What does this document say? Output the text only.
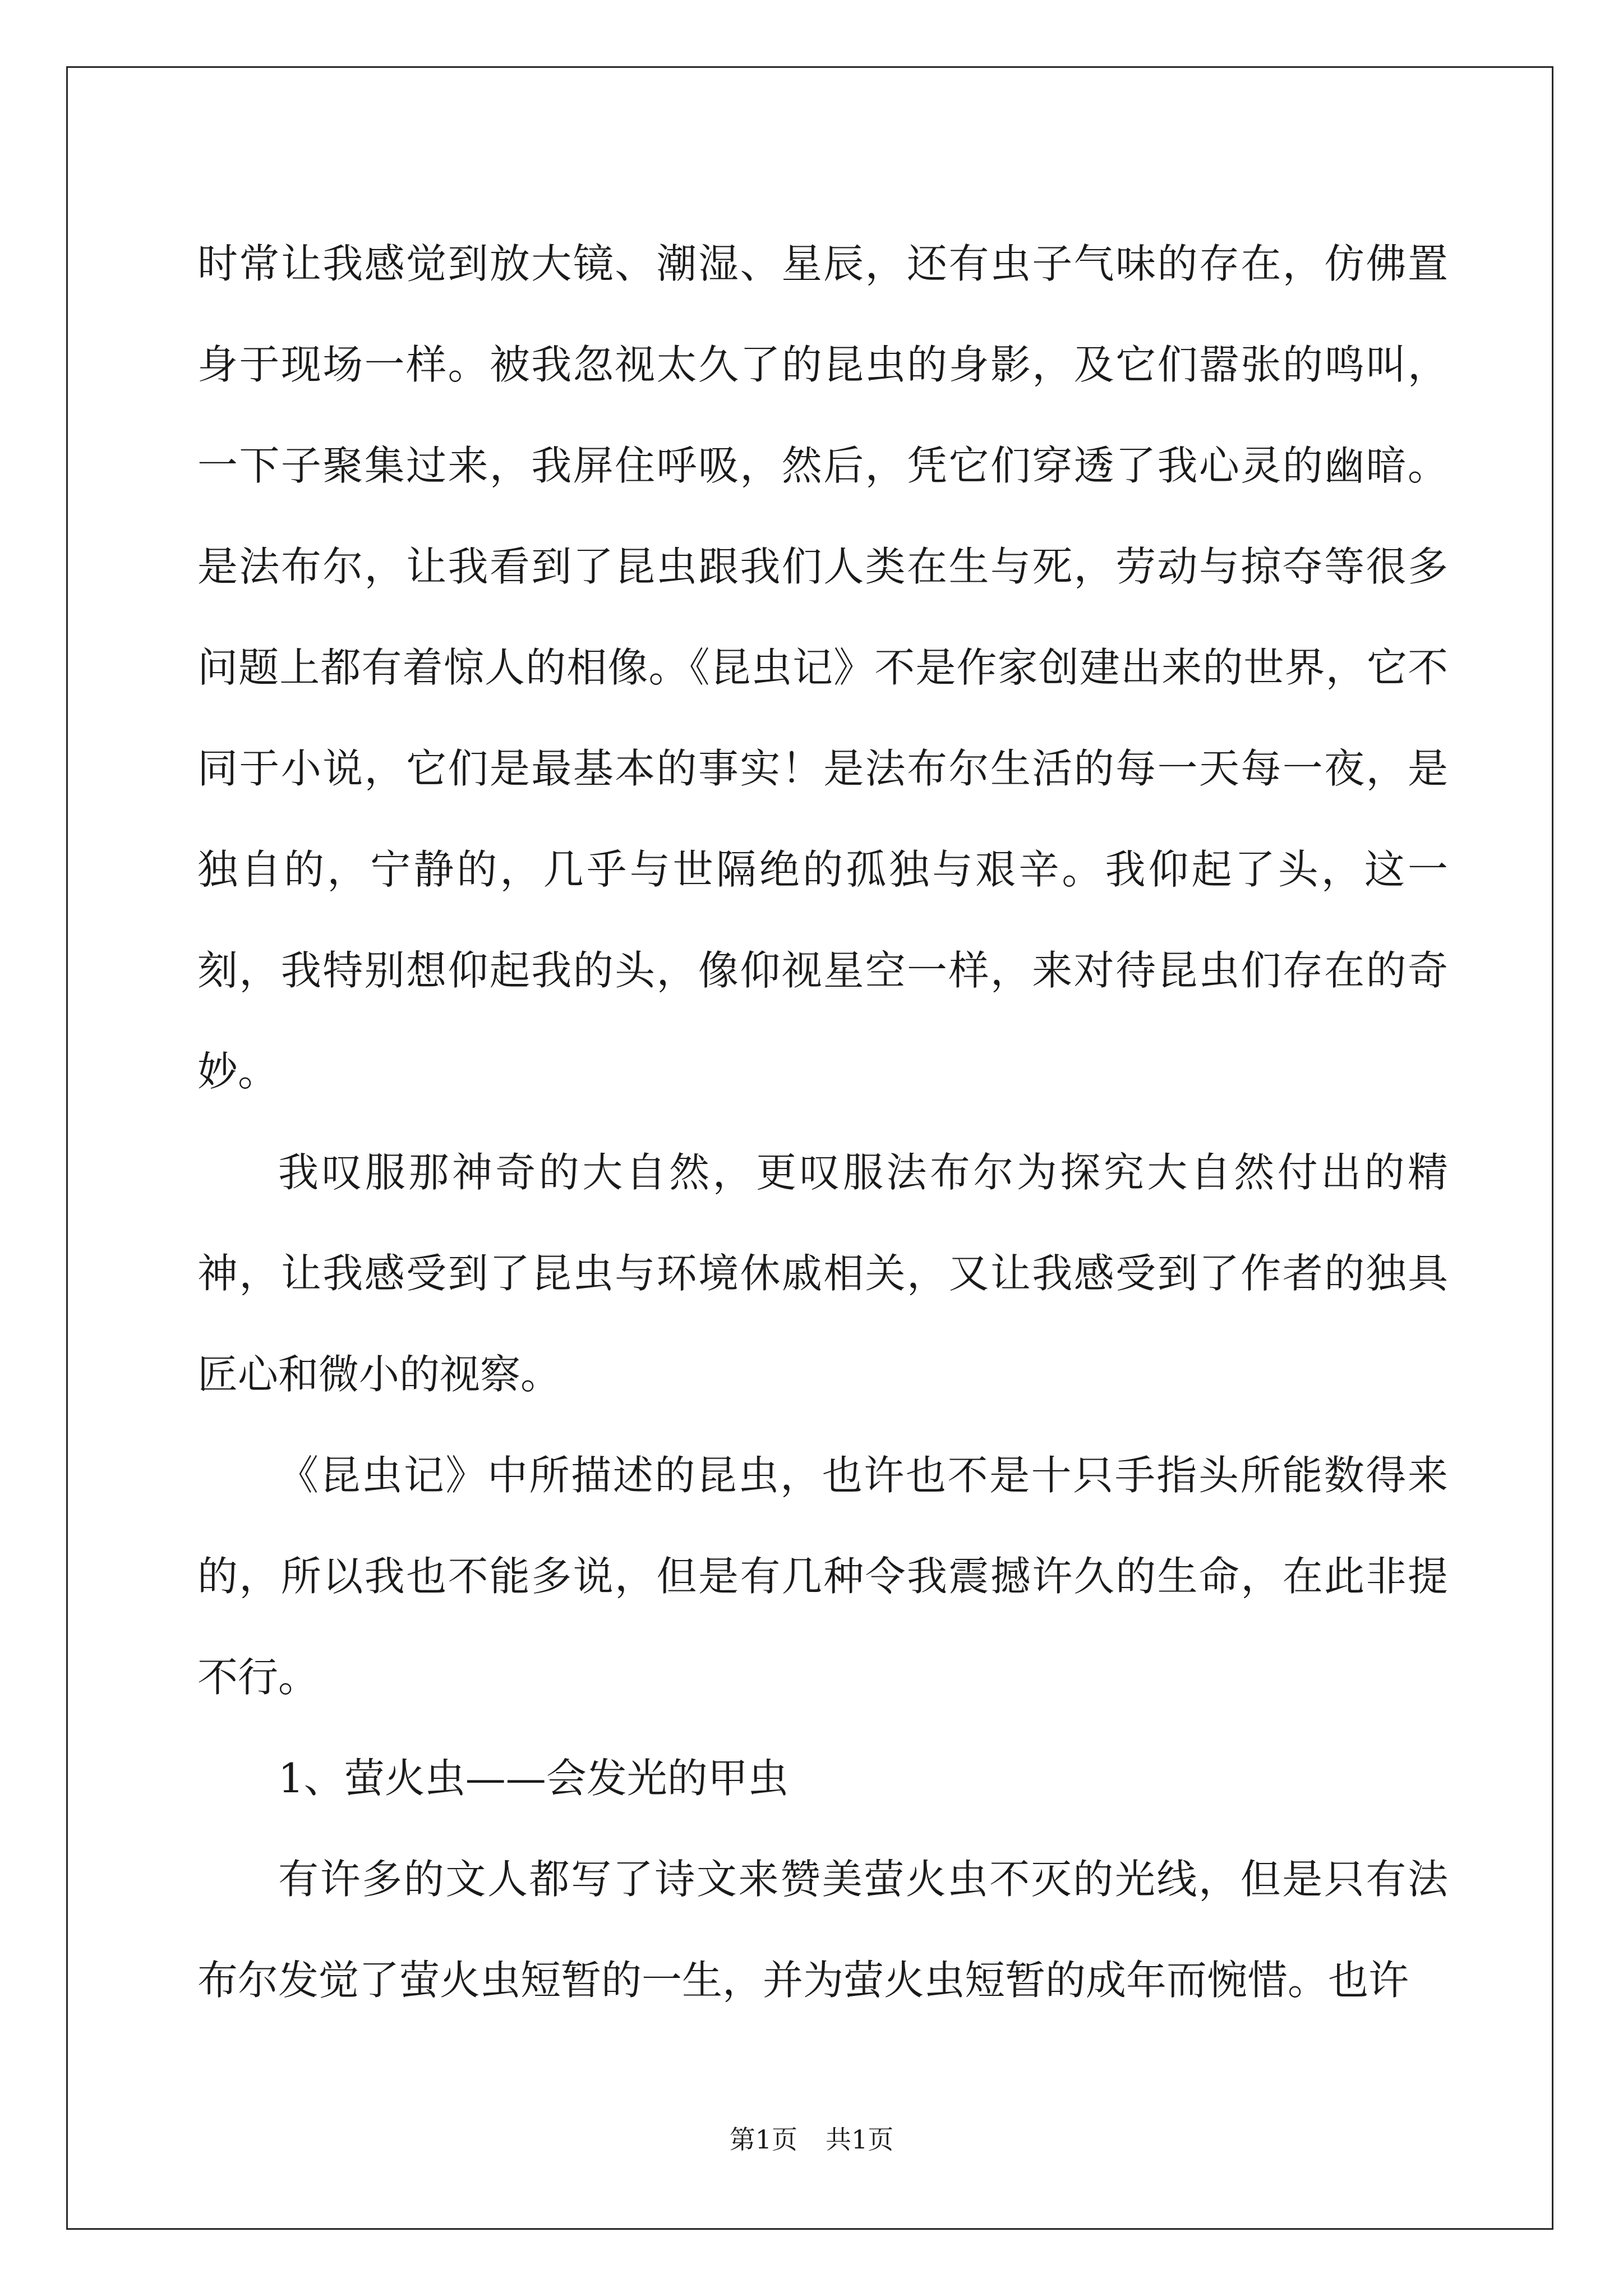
时常让我感觉到放大镜、潮湿、星辰，还有虫子气味的存在，仿佛置身于现场一样。被我忽视太久了的昆虫的身影，及它们嚣张的鸣叫，一下子聚集过来，我屏住呼吸，然后，凭它们穿透了我心灵的幽暗。是法布尔，让我看到了昆虫跟我们人类在生与死，劳动与掠夺等很多问题上都有着惊人的相像。《昆虫记》不是作家创建出来的世界，它不同于小说，它们是最基本的事实！是法布尔生活的每一天每一夜，是独自的，宁静的，几乎与世隔绝的孤独与艰辛。我仰起了头，这一刻，我特别想仰起我的头，像仰视星空一样，来对待昆虫们存在的奇妙。

我叹服那神奇的大自然，更叹服法布尔为探究大自然付出的精神，让我感受到了昆虫与环境休戚相关，又让我感受到了作者的独具匠心和微小的视察。

《昆虫记》中所描述的昆虫，也许也不是十只手指头所能数得来的，所以我也不能多说，但是有几种令我震撼许久的生命，在此非提不行。

1、萤火虫——会发光的甲虫

有许多的文人都写了诗文来赞美萤火虫不灭的光线，但是只有法布尔发觉了萤火虫短暂的一生，并为萤火虫短暂的成年而惋惜。也许

第1页 共1页
